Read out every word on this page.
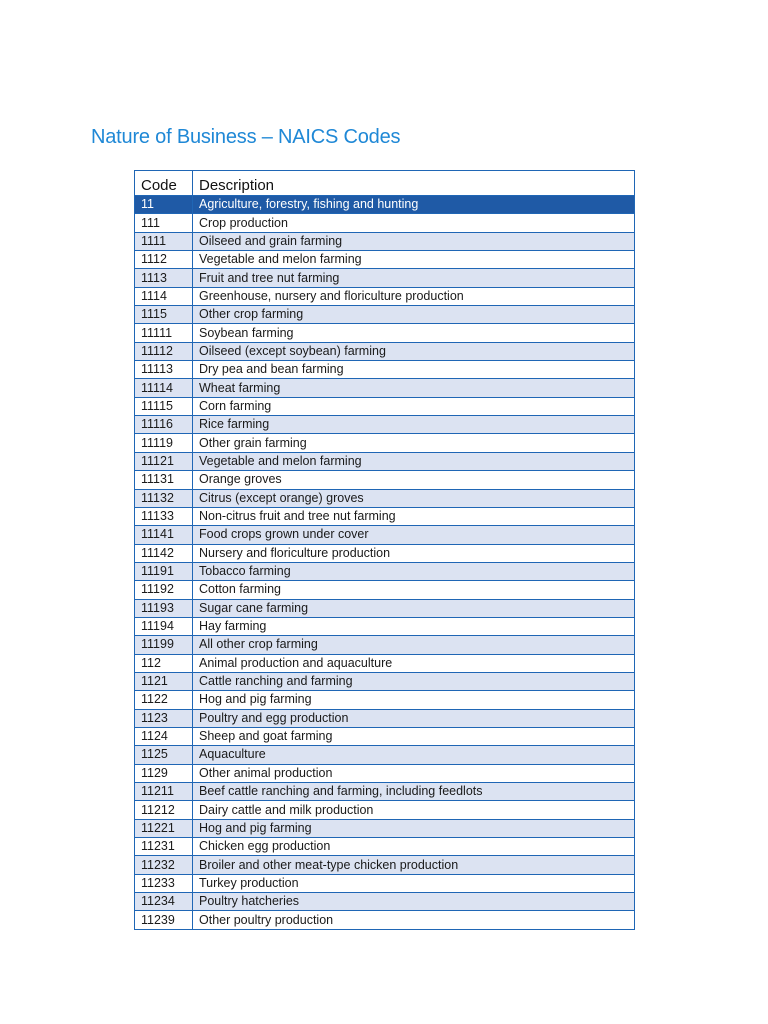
Nature of Business – NAICS Codes
Code	Description
11	Agriculture, forestry, fishing and hunting
111	Crop production
1111	Oilseed and grain farming
1112	Vegetable and melon farming
1113	Fruit and tree nut farming
1114	Greenhouse, nursery and floriculture production
1115	Other crop farming
11111	Soybean farming
11112	Oilseed (except soybean) farming
11113	Dry pea and bean farming
11114	Wheat farming
11115	Corn farming
11116	Rice farming
11119	Other grain farming
11121	Vegetable and melon farming
11131	Orange groves
11132	Citrus (except orange) groves
11133	Non-citrus fruit and tree nut farming
11141	Food crops grown under cover
11142	Nursery and floriculture production
11191	Tobacco farming
11192	Cotton farming
11193	Sugar cane farming
11194	Hay farming
11199	All other crop farming
112	Animal production and aquaculture
1121	Cattle ranching and farming
1122	Hog and pig farming
1123	Poultry and egg production
1124	Sheep and goat farming
1125	Aquaculture
1129	Other animal production
11211	Beef cattle ranching and farming, including feedlots
11212	Dairy cattle and milk production
11221	Hog and pig farming
11231	Chicken egg production
11232	Broiler and other meat-type chicken production
11233	Turkey production
11234	Poultry hatcheries
11239	Other poultry production
